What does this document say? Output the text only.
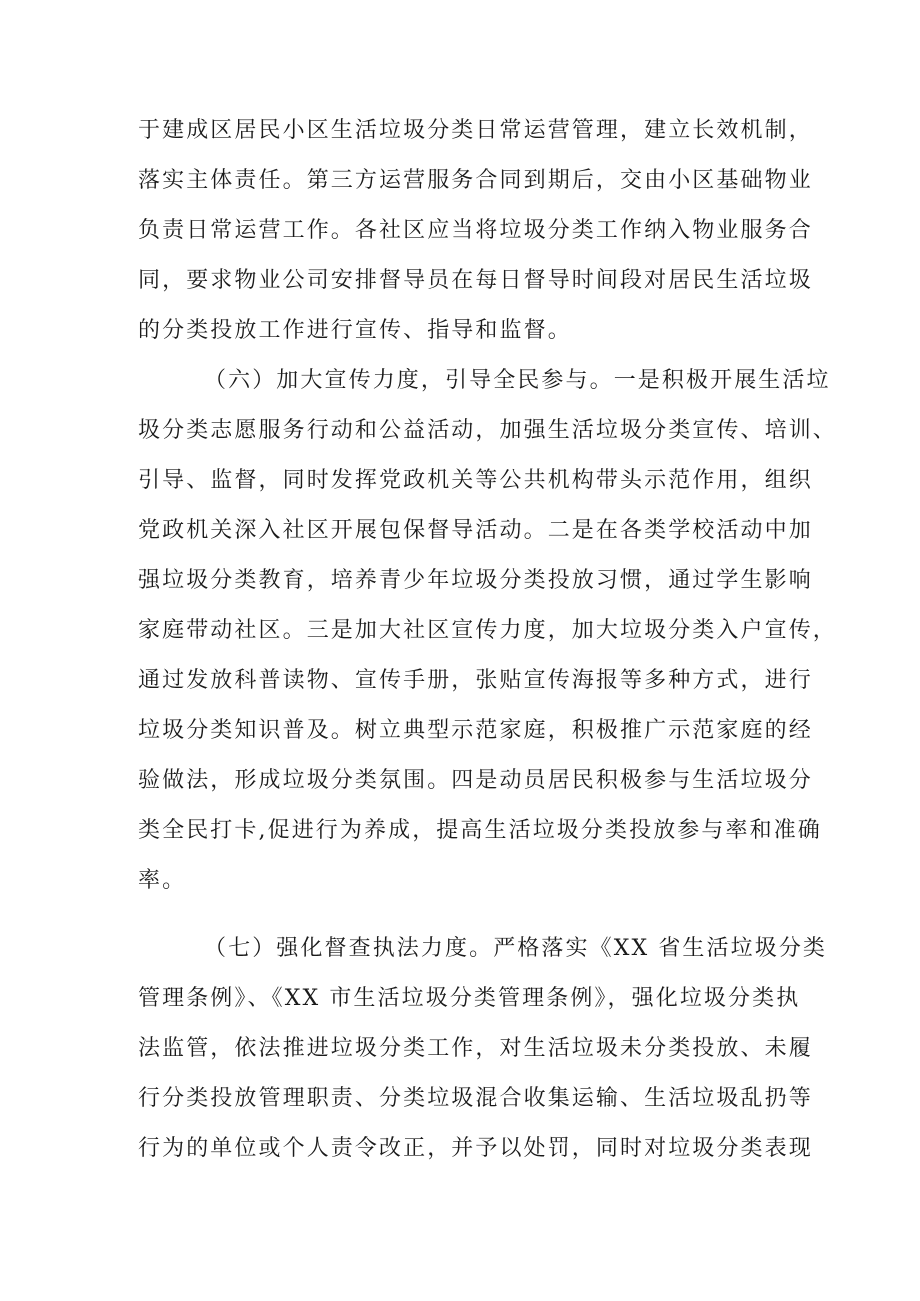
于建成区居民小区生活垃圾分类日常运营管理，建立长效机制，

落实主体责任。第三方运营服务合同到期后，交由小区基础物业

负责日常运营工作。各社区应当将垃圾分类工作纳入物业服务合

同，要求物业公司安排督导员在每日督导时间段对居民生活垃圾

的分类投放工作进行宣传、指导和监督。

（六）加大宣传力度，引导全民参与。一是积极开展生活垃

圾分类志愿服务行动和公益活动，加强生活垃圾分类宣传、培训、

引导、监督，同时发挥党政机关等公共机构带头示范作用，组织

党政机关深入社区开展包保督导活动。二是在各类学校活动中加

强垃圾分类教育，培养青少年垃圾分类投放习惯，通过学生影响

家庭带动社区。三是加大社区宣传力度，加大垃圾分类入户宣传，

通过发放科普读物、宣传手册，张贴宣传海报等多种方式，进行

垃圾分类知识普及。树立典型示范家庭，积极推广示范家庭的经

验做法，形成垃圾分类氛围。四是动员居民积极参与生活垃圾分

类全民打卡,促进行为养成，提高生活垃圾分类投放参与率和准确

率。

（七）强化督查执法力度。严格落实《XX 省生活垃圾分类

管理条例》、《XX 市生活垃圾分类管理条例》，强化垃圾分类执

法监管，依法推进垃圾分类工作，对生活垃圾未分类投放、未履

行分类投放管理职责、分类垃圾混合收集运输、生活垃圾乱扔等

行为的单位或个人责令改正，并予以处罚，同时对垃圾分类表现
